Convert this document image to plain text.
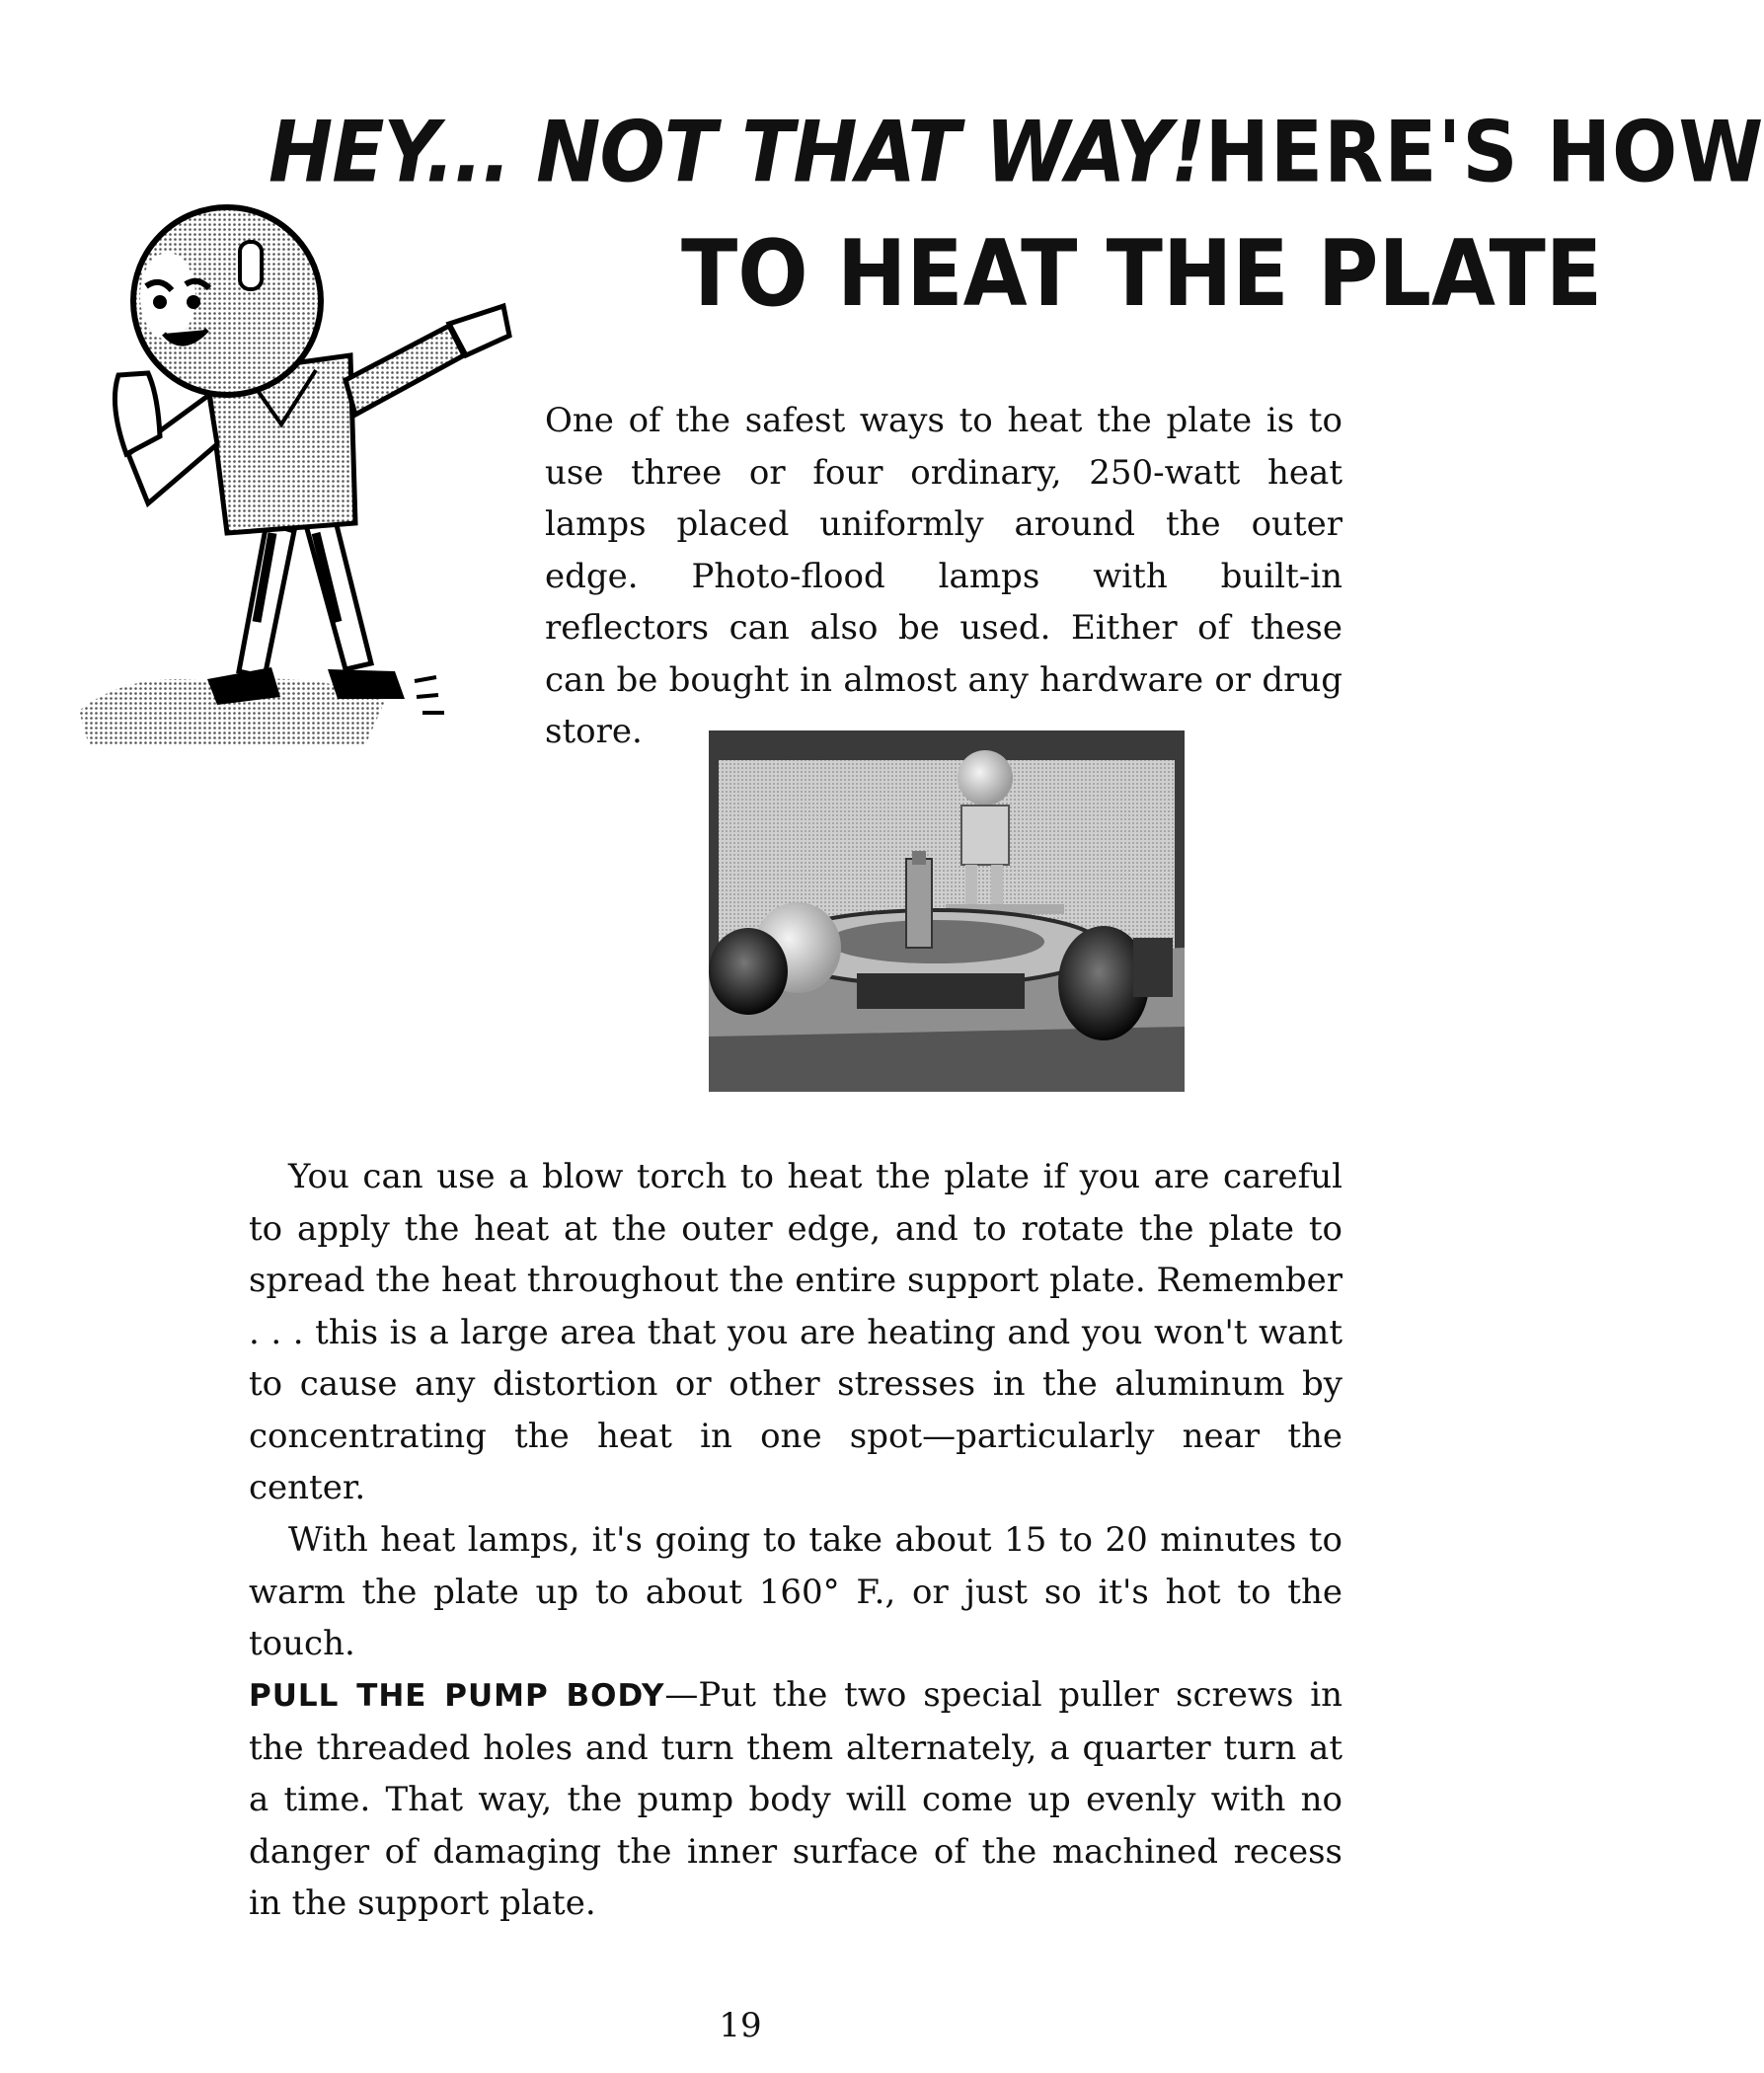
HEY... NOT THAT WAY!HERE'S HOW
TO HEAT THE PLATE

One of the safest ways to heat the plate is to use three or four ordinary, 250-watt heat lamps placed uniformly around the outer edge. Photo-flood lamps with built-in reflectors can also be used. Either of these can be bought in almost any hardware or drug store.

You can use a blow torch to heat the plate if you are careful to apply the heat at the outer edge, and to rotate the plate to spread the heat throughout the entire support plate. Remember . . . this is a large area that you are heating and you won't want to cause any distortion or other stresses in the aluminum by concentrating the heat in one spot—particularly near the center.

With heat lamps, it's going to take about 15 to 20 minutes to warm the plate up to about 160° F., or just so it's hot to the touch.

PULL THE PUMP BODY—Put the two special puller screws in the threaded holes and turn them alternately, a quarter turn at a time. That way, the pump body will come up evenly with no danger of damaging the inner surface of the machined recess in the support plate.

19
